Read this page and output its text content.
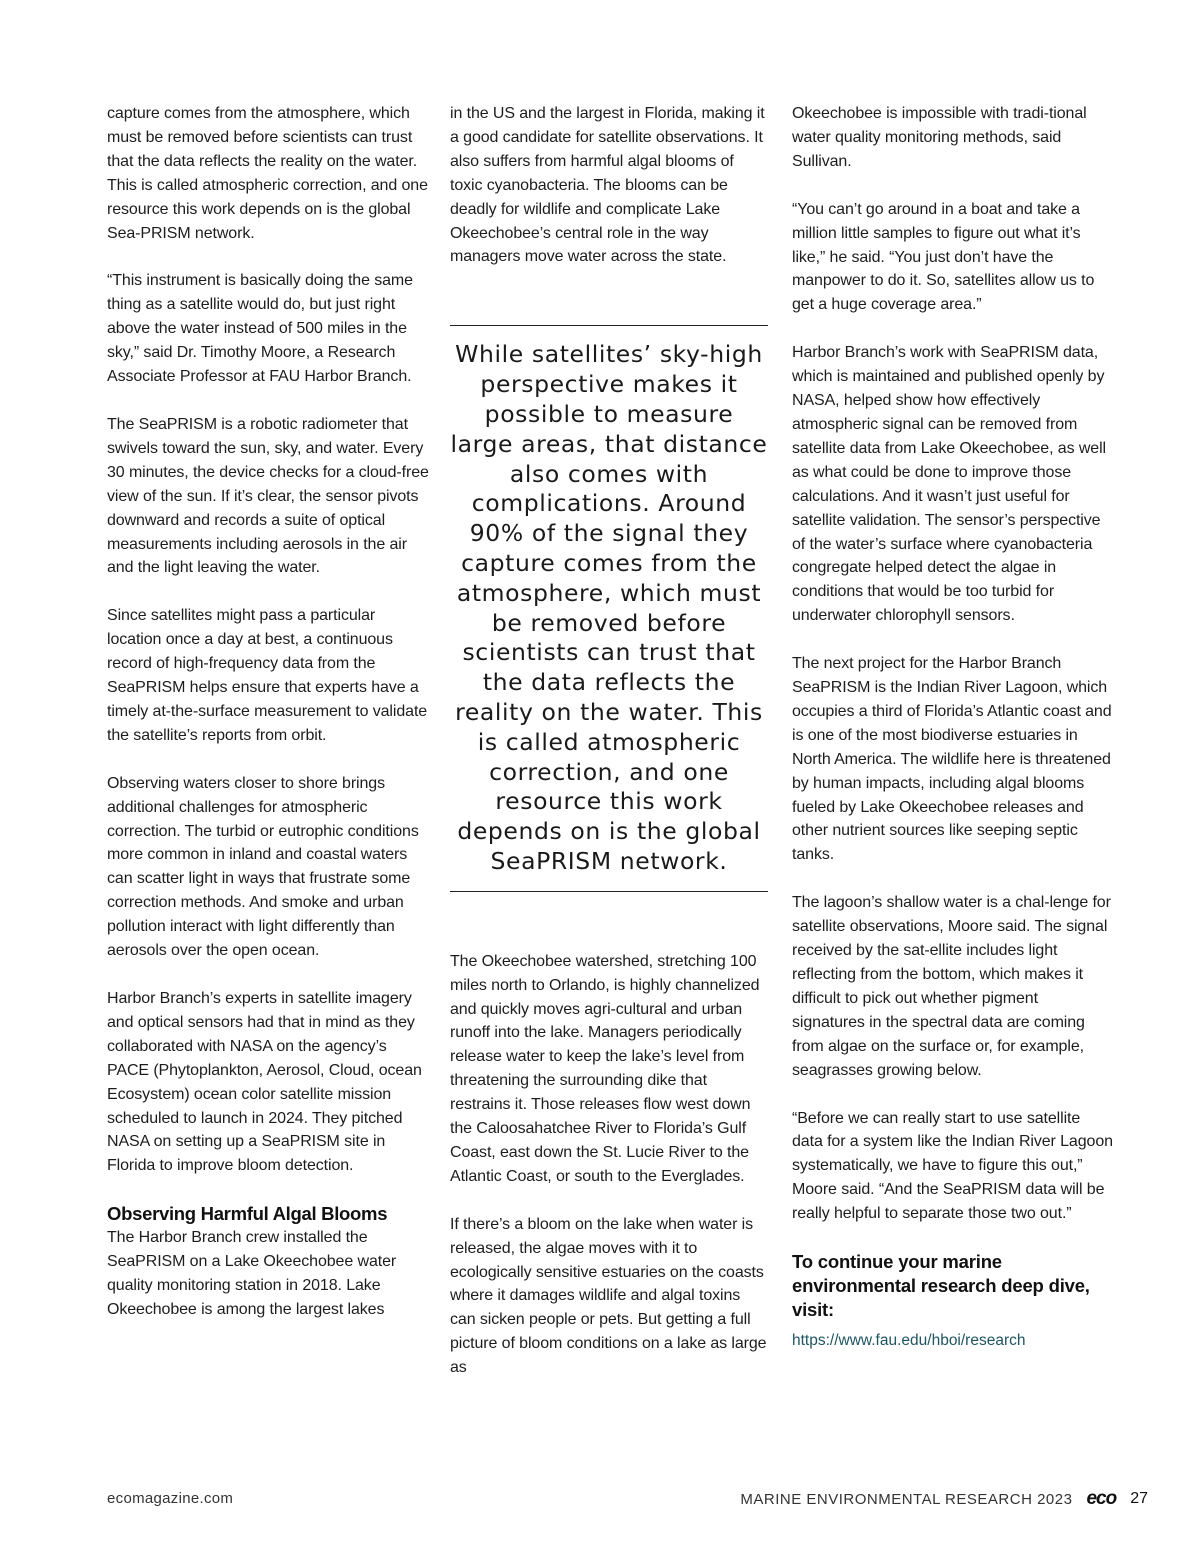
capture comes from the atmosphere, which must be removed before scientists can trust that the data reflects the reality on the water. This is called atmospheric correction, and one resource this work depends on is the global Sea-PRISM network.

“This instrument is basically doing the same thing as a satellite would do, but just right above the water instead of 500 miles in the sky,” said Dr. Timothy Moore, a Research Associate Professor at FAU Harbor Branch.

The SeaPRISM is a robotic radiometer that swivels toward the sun, sky, and water. Every 30 minutes, the device checks for a cloud-free view of the sun. If it’s clear, the sensor pivots downward and records a suite of optical measurements including aerosols in the air and the light leaving the water.

Since satellites might pass a particular location once a day at best, a continuous record of high-frequency data from the SeaPRISM helps ensure that experts have a timely at-the-surface measurement to validate the satellite’s reports from orbit.

Observing waters closer to shore brings additional challenges for atmospheric correction. The turbid or eutrophic conditions more common in inland and coastal waters can scatter light in ways that frustrate some correction methods. And smoke and urban pollution interact with light differently than aerosols over the open ocean.

Harbor Branch’s experts in satellite imagery and optical sensors had that in mind as they collaborated with NASA on the agency’s PACE (Phytoplankton, Aerosol, Cloud, ocean Ecosystem) ocean color satellite mission scheduled to launch in 2024. They pitched NASA on setting up a SeaPRISM site in Florida to improve bloom detection.

Observing Harmful Algal Blooms

The Harbor Branch crew installed the SeaPRISM on a Lake Okeechobee water quality monitoring station in 2018. Lake Okeechobee is among the largest lakes

in the US and the largest in Florida, making it a good candidate for satellite observations. It also suffers from harmful algal blooms of toxic cyanobacteria. The blooms can be deadly for wildlife and complicate Lake Okeechobee’s central role in the way managers move water across the state.

While satellites’ sky-high perspective makes it possible to measure large areas, that distance also comes with complications. Around 90% of the signal they capture comes from the atmosphere, which must be removed before scientists can trust that the data reflects the reality on the water. This is called atmospheric correction, and one resource this work depends on is the global SeaPRISM network.

The Okeechobee watershed, stretching 100 miles north to Orlando, is highly channelized and quickly moves agri-cultural and urban runoff into the lake. Managers periodically release water to keep the lake’s level from threatening the surrounding dike that restrains it. Those releases flow west down the Caloosahatchee River to Florida’s Gulf Coast, east down the St. Lucie River to the Atlantic Coast, or south to the Everglades.

If there’s a bloom on the lake when water is released, the algae moves with it to ecologically sensitive estuaries on the coasts where it damages wildlife and algal toxins can sicken people or pets. But getting a full picture of bloom conditions on a lake as large as

Okeechobee is impossible with tradi-tional water quality monitoring methods, said Sullivan.

“You can’t go around in a boat and take a million little samples to figure out what it’s like,” he said. “You just don’t have the manpower to do it. So, satellites allow us to get a huge coverage area.”

Harbor Branch’s work with SeaPRISM data, which is maintained and published openly by NASA, helped show how effectively atmospheric signal can be removed from satellite data from Lake Okeechobee, as well as what could be done to improve those calculations. And it wasn’t just useful for satellite validation. The sensor’s perspective of the water’s surface where cyanobacteria congregate helped detect the algae in conditions that would be too turbid for underwater chlorophyll sensors.

The next project for the Harbor Branch SeaPRISM is the Indian River Lagoon, which occupies a third of Florida’s Atlantic coast and is one of the most biodiverse estuaries in North America. The wildlife here is threatened by human impacts, including algal blooms fueled by Lake Okeechobee releases and other nutrient sources like seeping septic tanks.

The lagoon’s shallow water is a chal-lenge for satellite observations, Moore said. The signal received by the sat-ellite includes light reflecting from the bottom, which makes it difficult to pick out whether pigment signatures in the spectral data are coming from algae on the surface or, for example, seagrasses growing below.

“Before we can really start to use satellite data for a system like the Indian River Lagoon systematically, we have to figure this out,” Moore said. “And the SeaPRISM data will be really helpful to separate those two out.”

To continue your marine environmental research deep dive, visit:

https://www.fau.edu/hboi/research
ecomagazine.com	MARINE ENVIRONMENTAL RESEARCH 2023 eco 27
